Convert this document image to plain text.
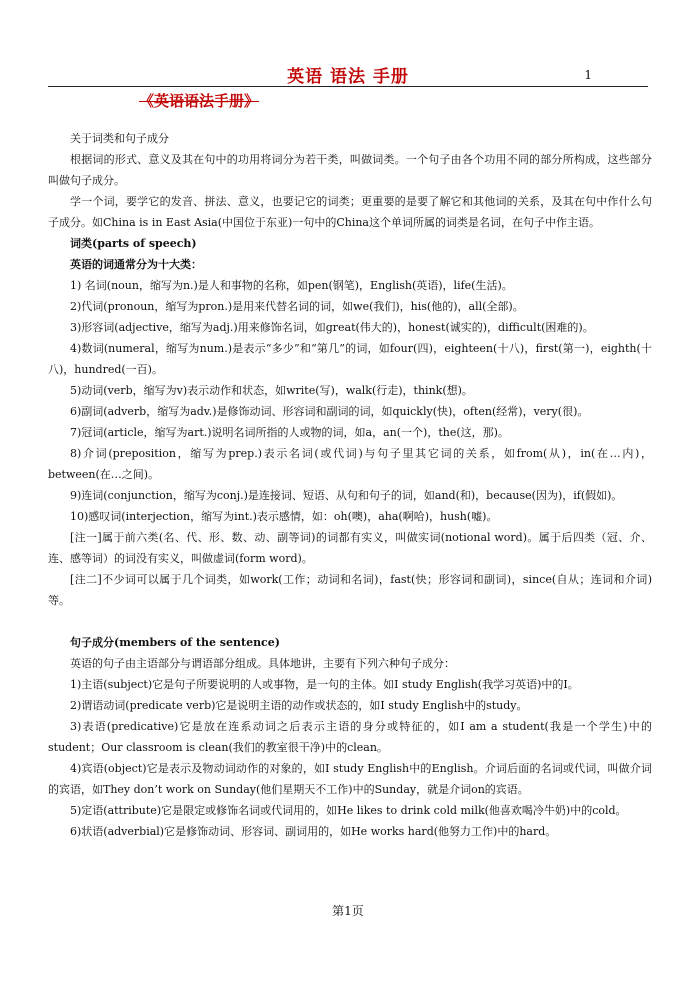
英语 语法 手册	1
《英语语法手册》

关于词类和句子成分

根据词的形式、意义及其在句中的功用将词分为若干类，叫做词类。一个句子由各个功用不同的部分所构成，这些部分叫做句子成分。

学一个词，要学它的发音、拼法、意义，也要记它的词类；更重要的是要了解它和其他词的关系，及其在句中作什么句子成分。如China is in East Asia(中国位于东亚)一句中的China这个单词所属的词类是名词，在句子中作主语。

词类(parts of speech)

英语的词通常分为十大类：

1) 名词(noun，缩写为n.)是人和事物的名称，如pen(钢笔)，English(英语)，life(生活)。

2)代词(pronoun，缩写为pron.)是用来代替名词的词，如we(我们)，his(他的)，all(全部)。

3)形容词(adjective，缩写为adj.)用来修饰名词，如great(伟大的)，honest(诚实的)，difficult(困难的)。

4)数词(numeral，缩写为num.)是表示“多少”和“第几”的词，如four(四)，eighteen(十八)，first(第一)，eighth(十八)，hundred(一百)。

5)动词(verb，缩写为v)表示动作和状态，如write(写)，walk(行走)，think(想)。

6)副词(adverb，缩写为adv.)是修饰动词、形容词和副词的词，如quickly(快)，often(经常)，very(很)。

7)冠词(article，缩写为art.)说明名词所指的人或物的词，如a，an(一个)，the(这，那)。

8)介词(preposition，缩写为prep.)表示名词(或代词)与句子里其它词的关系，如from(从)，in(在…内)，between(在…之间)。

9)连词(conjunction，缩写为conj.)是连接词、短语、从句和句子的词，如and(和)，because(因为)，if(假如)。

10)感叹词(interjection，缩写为int.)表示感情，如：oh(噢)，aha(啊哈)，hush(嘘)。

[注一]属于前六类(名、代、形、数、动、副等词)的词都有实义，叫做实词(notional word)。属于后四类（冠、介、连、感等词）的词没有实义，叫做虚词(form word)。

[注二]不少词可以属于几个词类，如work(工作；动词和名词)，fast(快；形容词和副词)，since(自从；连词和介词)等。

句子成分(members of the sentence)

英语的句子由主语部分与谓语部分组成。具体地讲，主要有下列六种句子成分：

1)主语(subject)它是句子所要说明的人或事物，是一句的主体。如I study English(我学习英语)中的I。

2)谓语动词(predicate verb)它是说明主语的动作或状态的，如I study English中的study。

3)表语(predicative)它是放在连系动词之后表示主语的身分或特征的，如I am a student(我是一个学生)中的student；Our classroom is clean(我们的教室很干净)中的clean。

4)宾语(object)它是表示及物动词动作的对象的，如I study English中的English。介词后面的名词或代词，叫做介词的宾语，如They don’t work on Sunday(他们星期天不工作)中的Sunday，就是介词on的宾语。

5)定语(attribute)它是限定或修饰名词或代词用的，如He likes to drink cold milk(他喜欢喝冷牛奶)中的cold。

6)状语(adverbial)它是修饰动词、形容词、副词用的，如He works hard(他努力工作)中的hard。

第1页
